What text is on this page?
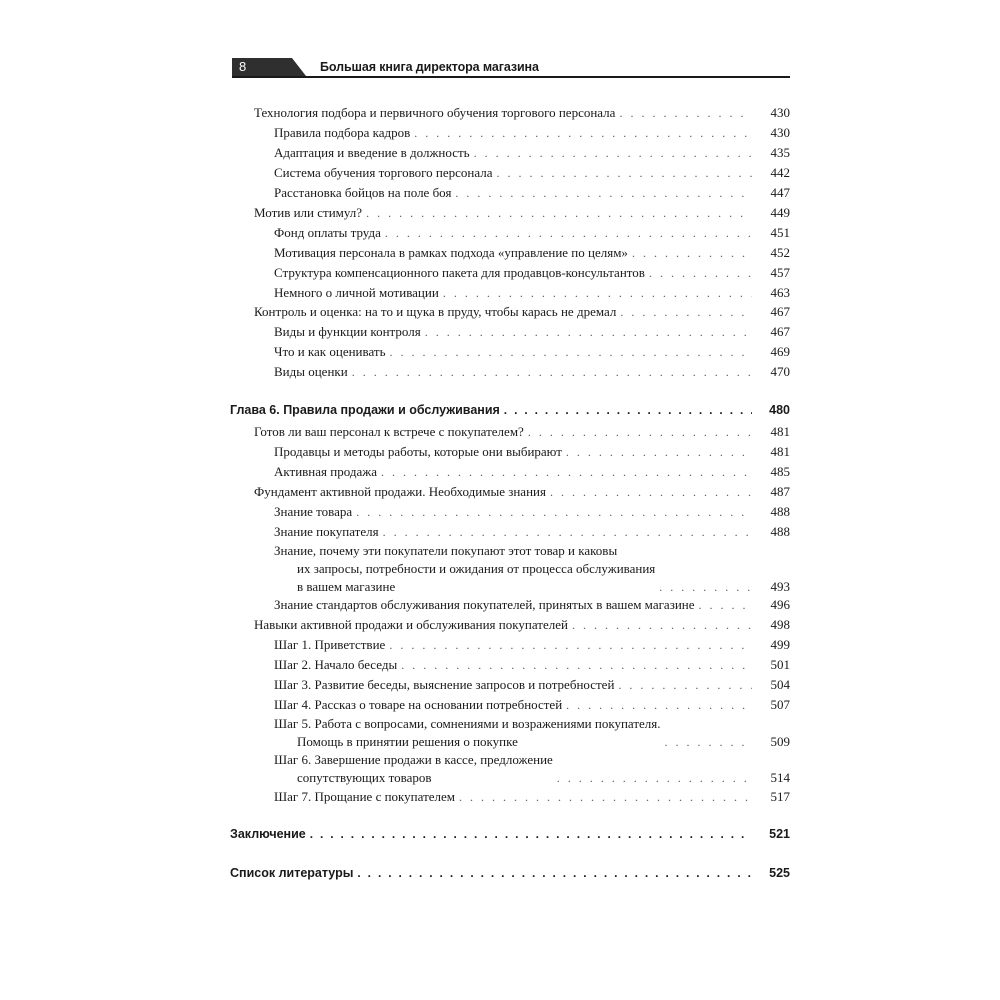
8	Большая книга директора магазина
Технология подбора и первичного обучения торгового персонала . . .	430
Правила подбора кадров . . .	430
Адаптация и введение в должность . . .	435
Система обучения торгового персонала . . .	442
Расстановка бойцов на поле боя . . .	447
Мотив или стимул? . . .	449
Фонд оплаты труда . . .	451
Мотивация персонала в рамках подхода «управление по целям» . . .	452
Структура компенсационного пакета для продавцов-консультантов . . .	457
Немного о личной мотивации . . .	463
Контроль и оценка: на то и щука в пруду, чтобы карась не дремал . . .	467
Виды и функции контроля . . .	467
Что и как оценивать . . .	469
Виды оценки . . .	470
Глава 6. Правила продажи и обслуживания . . .	480
Готов ли ваш персонал к встрече с покупателем? . . .	481
Продавцы и методы работы, которые они выбирают . . .	481
Активная продажа . . .	485
Фундамент активной продажи. Необходимые знания . . .	487
Знание товара . . .	488
Знание покупателя . . .	488
Знание, почему эти покупатели покупают этот товар и каковы
их запросы, потребности и ожидания от процесса обслуживания
в вашем магазине . . .	493
Знание стандартов обслуживания покупателей, принятых в вашем магазине . . .	496
Навыки активной продажи и обслуживания покупателей . . .	498
Шаг 1. Приветствие . . .	499
Шаг 2. Начало беседы . . .	501
Шаг 3. Развитие беседы, выяснение запросов и потребностей . . .	504
Шаг 4. Рассказ о товаре на основании потребностей . . .	507
Шаг 5. Работа с вопросами, сомнениями и возражениями покупателя.
Помощь в принятии решения о покупке . . .	509
Шаг 6. Завершение продажи в кассе, предложение
сопутствующих товаров . . .	514
Шаг 7. Прощание с покупателем . . .	517
Заключение . . .	521
Список литературы . . .	525
